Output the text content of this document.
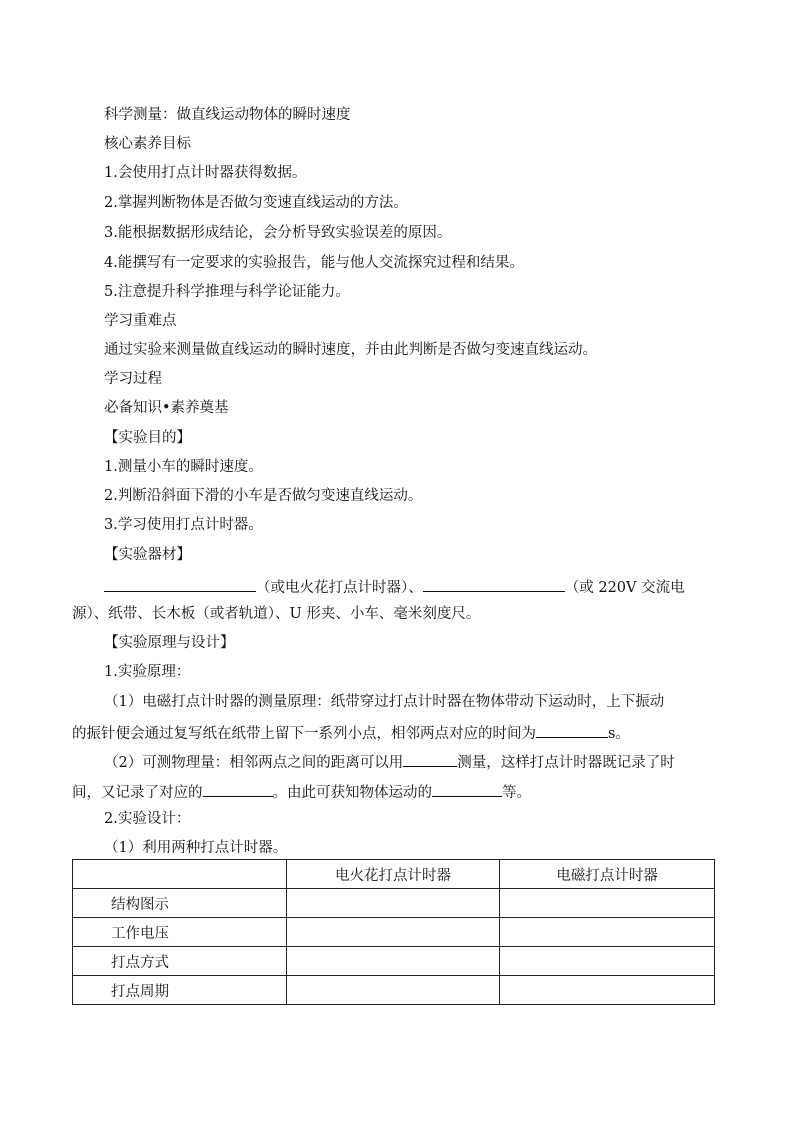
科学测量：做直线运动物体的瞬时速度
核心素养目标
1.会使用打点计时器获得数据。
2.掌握判断物体是否做匀变速直线运动的方法。
3.能根据数据形成结论，会分析导致实验误差的原因。
4.能撰写有一定要求的实验报告，能与他人交流探究过程和结果。
5.注意提升科学推理与科学论证能力。
学习重难点
通过实验来测量做直线运动的瞬时速度，并由此判断是否做匀变速直线运动。
学习过程
必备知识•素养奠基
【实验目的】
1.测量小车的瞬时速度。
2.判断沿斜面下滑的小车是否做匀变速直线运动。
3.学习使用打点计时器。
【实验器材】
（或电火花打点计时器）、	（或 220V 交流电
源）、纸带、长木板（或者轨道）、U 形夹、小车、毫米刻度尺。
【实验原理与设计】
1.实验原理：
（1）电磁打点计时器的测量原理：纸带穿过打点计时器在物体带动下运动时，上下振动
的振针便会通过复写纸在纸带上留下一系列小点，相邻两点对应的时间为	s。
（2）可测物理量：相邻两点之间的距离可以用	测量，这样打点计时器既记录了时
间，又记录了对应的	。由此可获知物体运动的	等。
2.实验设计：
（1）利用两种打点计时器。
	电火花打点计时器	电磁打点计时器
结构图示		
工作电压		
打点方式		
打点周期		
